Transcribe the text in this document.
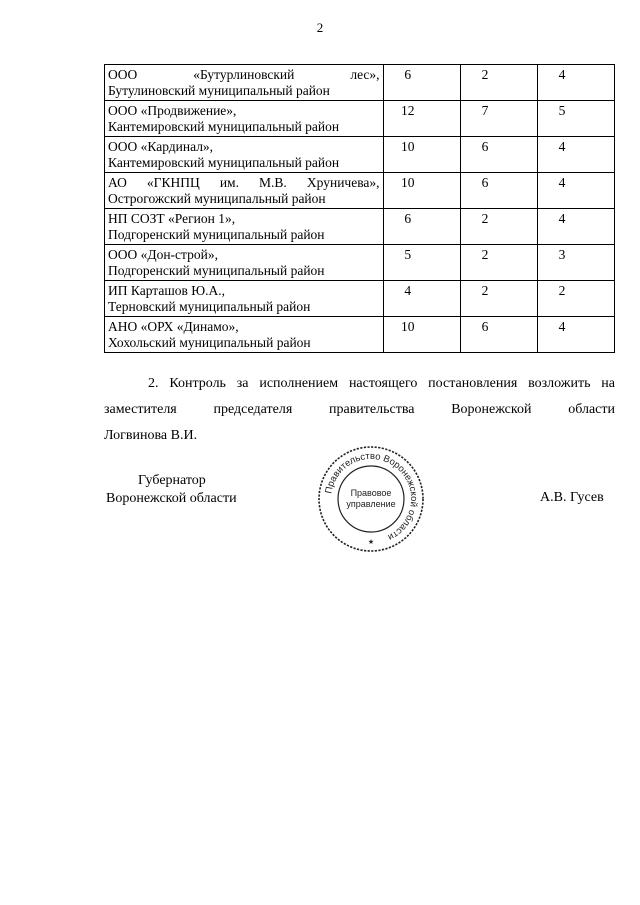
2
ООО «Бутурлиновский лес»,
Бутулиновский муниципальный район	6	2	4

ООО «Продвижение»,
Кантемировский муниципальный район	12	7	5

ООО «Кардинал»,
Кантемировский муниципальный район	10	6	4

АО «ГКНПЦ им. М.В. Хруничева»,
Острогожский муниципальный район	10	6	4

НП СОЗТ «Регион 1»,
Подгоренский муниципальный район	6	2	4

ООО «Дон-строй»,
Подгоренский муниципальный район	5	2	3

ИП Карташов Ю.А.,
Терновский муниципальный район	4	2	2

АНО «ОРХ «Динамо»,
Хохольский муниципальный район	10	6	4
2. Контроль за исполнением настоящего постановления возложить на
заместителя председателя правительства Воронежской области
Логвинова В.И.
Губернатор
Воронежской области
Правительство Воронежской области
Правовое
управление
★
А.В. Гусев
